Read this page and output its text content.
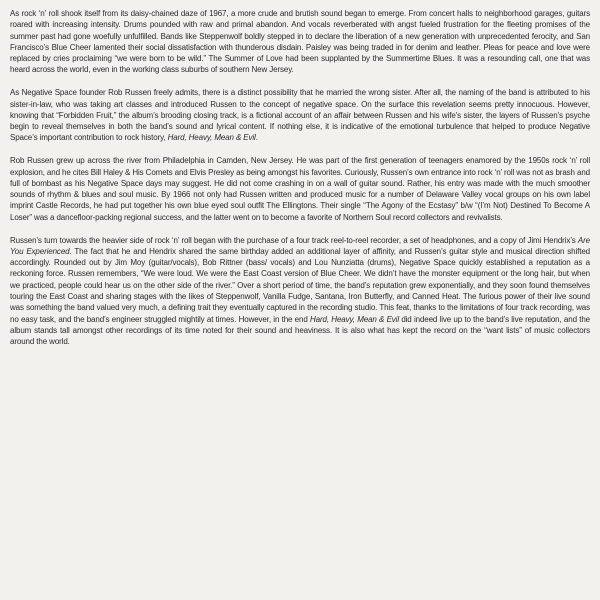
As rock ‘n’ roll shook itself from its daisy-chained daze of 1967, a more crude and brutish sound began to emerge. From concert halls to neighborhood garages, guitars roared with increasing intensity. Drums pounded with raw and primal abandon. And vocals reverberated with angst fueled frustration for the fleeting promises of the summer past had gone woefully unfulfilled. Bands like Steppenwolf boldly stepped in to declare the liberation of a new generation with unprecedented ferocity, and San Francisco’s Blue Cheer lamented their social dissatisfaction with thunderous disdain. Paisley was being traded in for denim and leather. Pleas for peace and love were replaced by cries proclaiming “we were born to be wild.” The Summer of Love had been supplanted by the Summertime Blues. It was a resounding call, one that was heard across the world, even in the working class suburbs of southern New Jersey.

As Negative Space founder Rob Russen freely admits, there is a distinct possibility that he married the wrong sister. After all, the naming of the band is attributed to his sister-in-law, who was taking art classes and introduced Russen to the concept of negative space. On the surface this revelation seems pretty innocuous. However, knowing that “Forbidden Fruit,” the album’s brooding closing track, is a fictional account of an affair between Russen and his wife’s sister, the layers of Russen’s psyche begin to reveal themselves in both the band’s sound and lyrical content. If nothing else, it is indicative of the emotional turbulence that helped to produce Negative Space’s important contribution to rock history, Hard, Heavy, Mean & Evil.

Rob Russen grew up across the river from Philadelphia in Camden, New Jersey. He was part of the first generation of teenagers enamored by the 1950s rock ‘n’ roll explosion, and he cites Bill Haley & His Comets and Elvis Presley as being amongst his favorites. Curiously, Russen’s own entrance into rock ‘n’ roll was not as brash and full of bombast as his Negative Space days may suggest. He did not come crashing in on a wall of guitar sound. Rather, his entry was made with the much smoother sounds of rhythm & blues and soul music. By 1966 not only had Russen written and produced music for a number of Delaware Valley vocal groups on his own label imprint Castle Records, he had put together his own blue eyed soul outfit The Ellingtons. Their single “The Agony of the Ecstasy” b/w “(I’m Not) Destined To Become A Loser” was a dancefloor-packing regional success, and the latter went on to become a favorite of Northern Soul record collectors and revivalists.

Russen’s turn towards the heavier side of rock ‘n’ roll began with the purchase of a four track reel-to-reel recorder, a set of headphones, and a copy of Jimi Hendrix’s Are You Experienced. The fact that he and Hendrix shared the same birthday added an additional layer of affinity, and Russen’s guitar style and musical direction shifted accordingly. Rounded out by Jim Moy (guitar/vocals), Bob Rittner (bass/ vocals) and Lou Nunziatta (drums), Negative Space quickly established a reputation as a reckoning force. Russen remembers, “We were loud. We were the East Coast version of Blue Cheer. We didn’t have the monster equipment or the long hair, but when we practiced, people could hear us on the other side of the river.” Over a short period of time, the band’s reputation grew exponentially, and they soon found themselves touring the East Coast and sharing stages with the likes of Steppenwolf, Vanilla Fudge, Santana, Iron Butterfly, and Canned Heat. The furious power of their live sound was something the band valued very much, a defining trait they eventually captured in the recording studio. This feat, thanks to the limitations of four track recording, was no easy task, and the band’s engineer struggled mightily at times. However, in the end Hard, Heavy, Mean & Evil did indeed live up to the band’s live reputation, and the album stands tall amongst other recordings of its time noted for their sound and heaviness. It is also what has kept the record on the “want lists” of music collectors around the world.
